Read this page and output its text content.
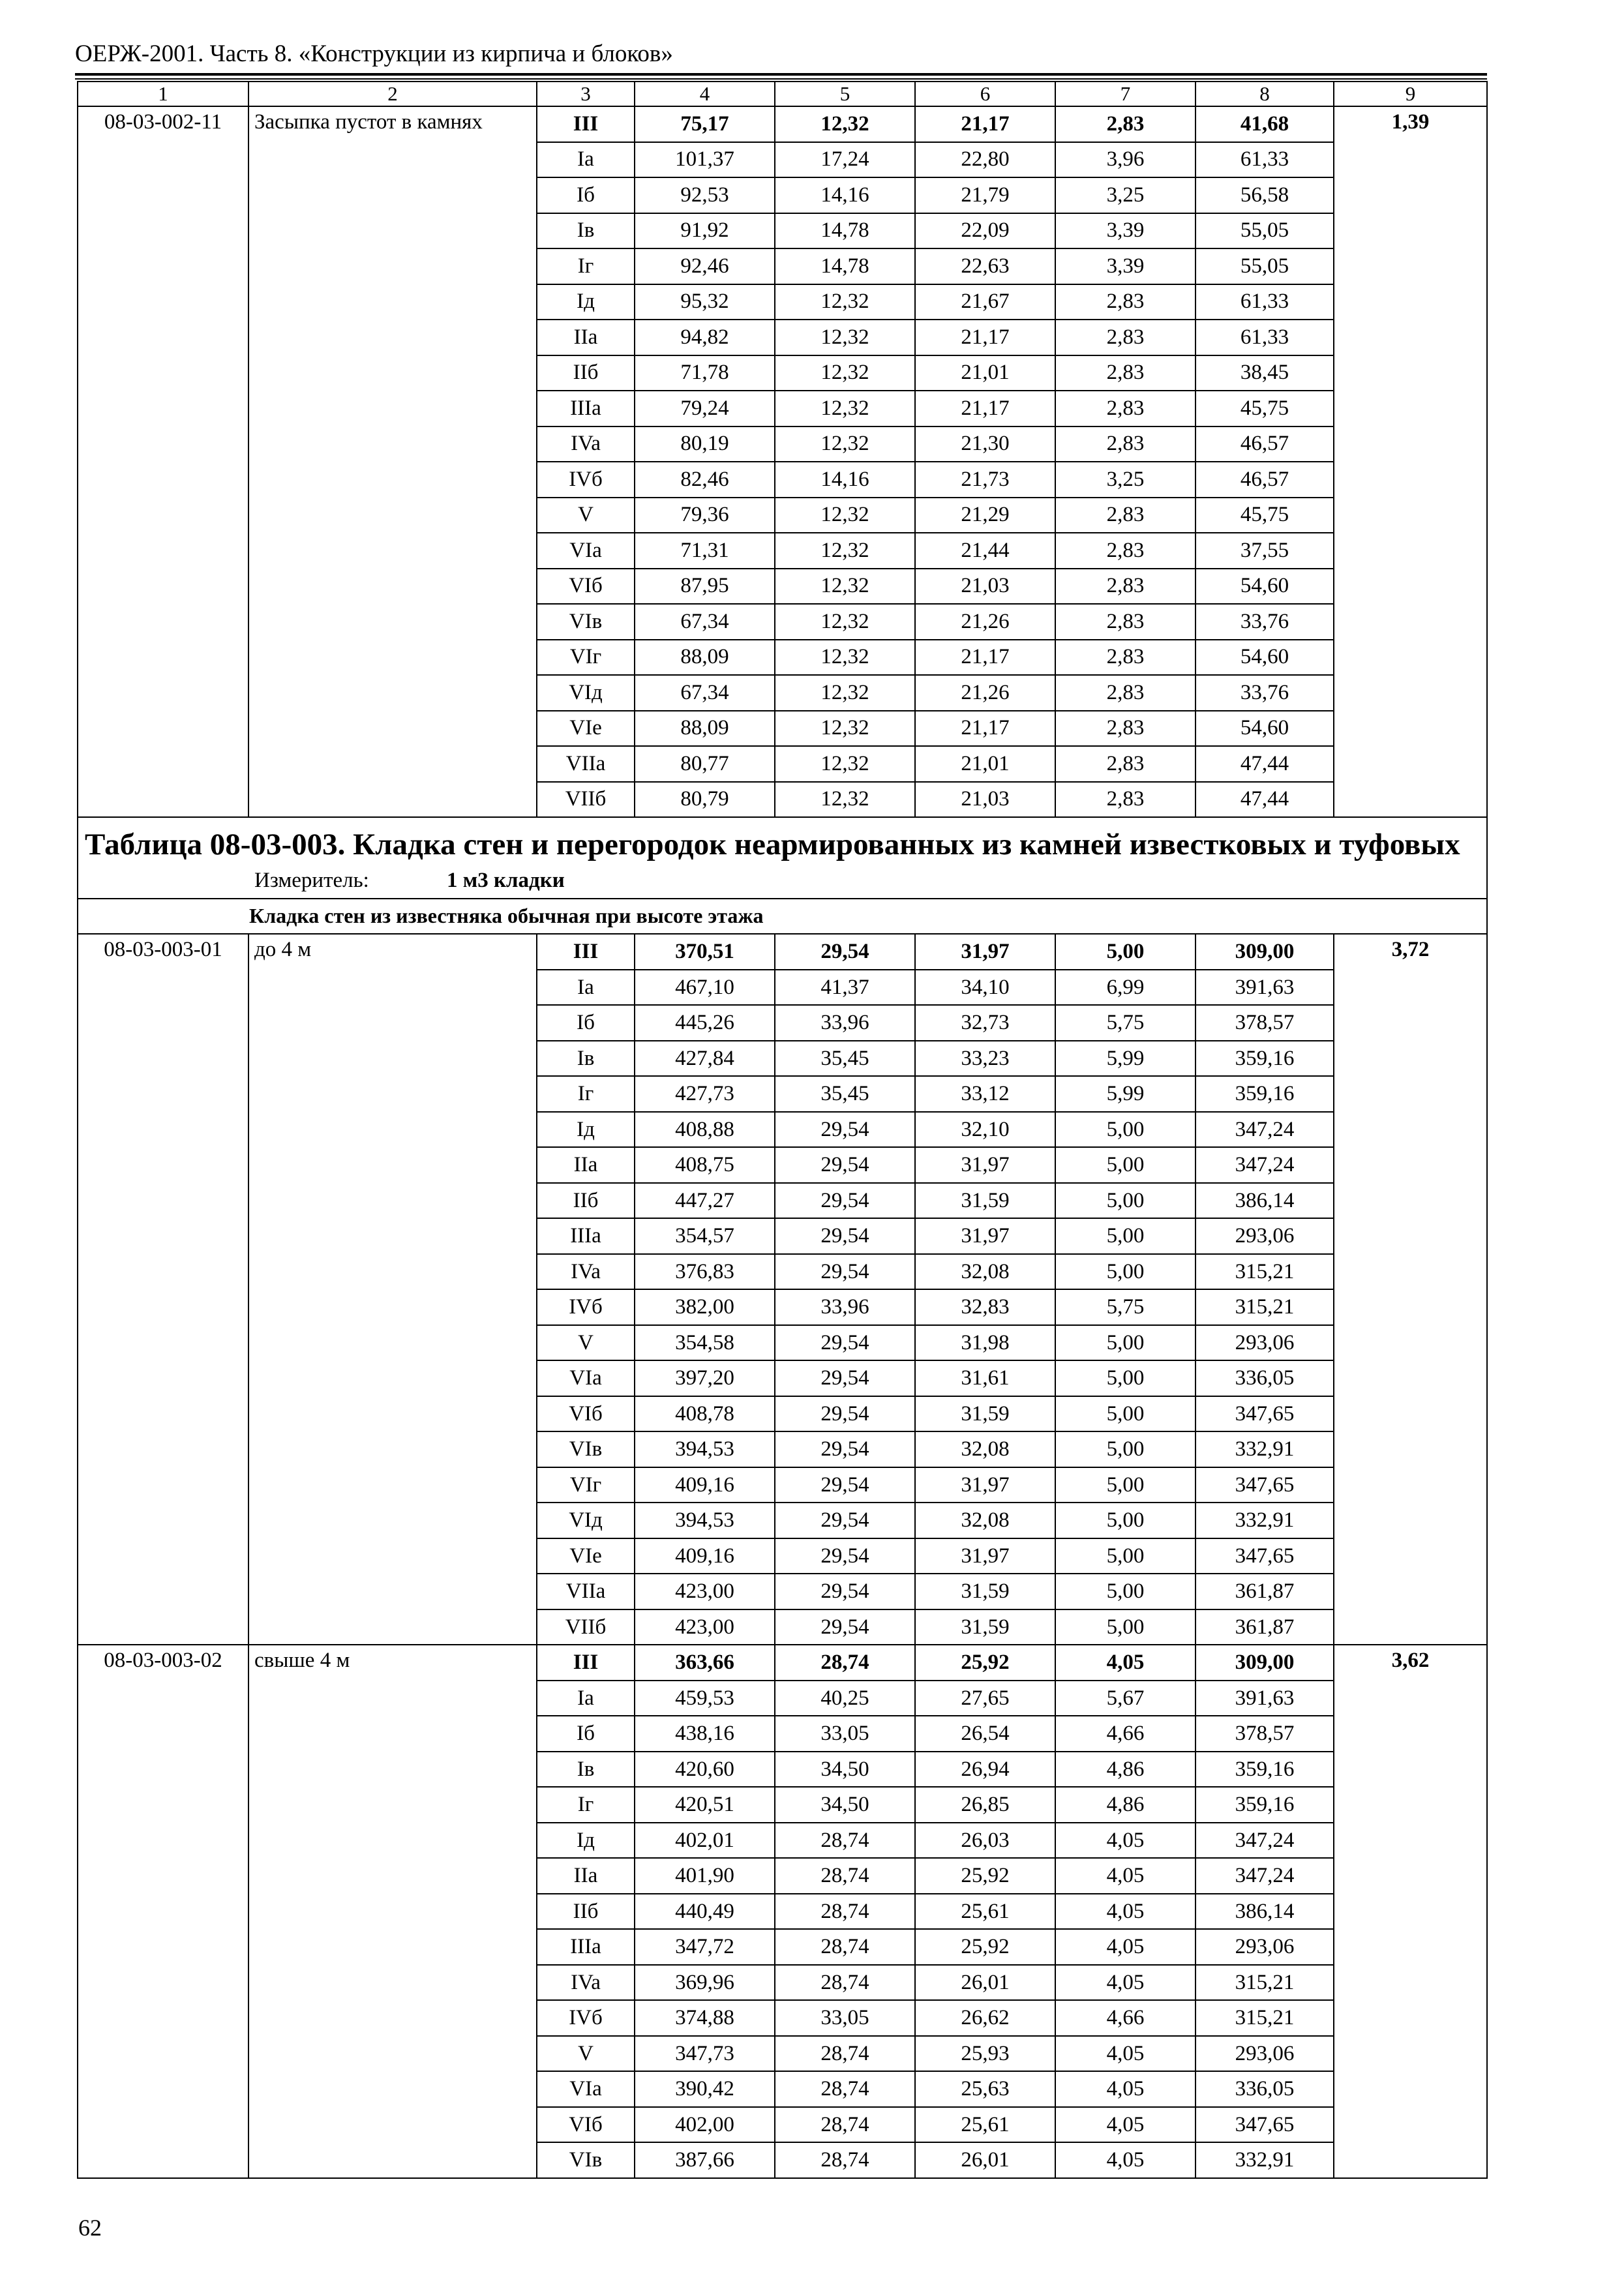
ОЕРЖ-2001. Часть 8. «Конструкции из кирпича и блоков»
1	2	3	4	5	6	7	8	9
08-03-002-11	Засыпка пустот в камнях	III	75,17	12,32	21,17	2,83	41,68	1,39
		Ia	101,37	17,24	22,80	3,96	61,33	
		Iб	92,53	14,16	21,79	3,25	56,58	
		Iв	91,92	14,78	22,09	3,39	55,05	
		Iг	92,46	14,78	22,63	3,39	55,05	
		Iд	95,32	12,32	21,67	2,83	61,33	
		IIa	94,82	12,32	21,17	2,83	61,33	
		IIб	71,78	12,32	21,01	2,83	38,45	
		IIIa	79,24	12,32	21,17	2,83	45,75	
		IVa	80,19	12,32	21,30	2,83	46,57	
		IVб	82,46	14,16	21,73	3,25	46,57	
		V	79,36	12,32	21,29	2,83	45,75	
		VIa	71,31	12,32	21,44	2,83	37,55	
		VIб	87,95	12,32	21,03	2,83	54,60	
		VIв	67,34	12,32	21,26	2,83	33,76	
		VIг	88,09	12,32	21,17	2,83	54,60	
		VIд	67,34	12,32	21,26	2,83	33,76	
		VIe	88,09	12,32	21,17	2,83	54,60	
		VIIa	80,77	12,32	21,01	2,83	47,44	
		VIIб	80,79	12,32	21,03	2,83	47,44	

Таблица 08-03-003. Кладка стен и перегородок неармированных из камней известковых и туфовых
Измеритель: 1 м3 кладки								

Кладка стен из известняка обычная при высоте этажа								

08-03-003-01	до 4 м	III	370,51	29,54	31,97	5,00	309,00	3,72
		Ia	467,10	41,37	34,10	6,99	391,63	
		Iб	445,26	33,96	32,73	5,75	378,57	
		Iв	427,84	35,45	33,23	5,99	359,16	
		Iг	427,73	35,45	33,12	5,99	359,16	
		Iд	408,88	29,54	32,10	5,00	347,24	
		IIa	408,75	29,54	31,97	5,00	347,24	
		IIб	447,27	29,54	31,59	5,00	386,14	
		IIIa	354,57	29,54	31,97	5,00	293,06	
		IVa	376,83	29,54	32,08	5,00	315,21	
		IVб	382,00	33,96	32,83	5,75	315,21	
		V	354,58	29,54	31,98	5,00	293,06	
		VIa	397,20	29,54	31,61	5,00	336,05	
		VIб	408,78	29,54	31,59	5,00	347,65	
		VIв	394,53	29,54	32,08	5,00	332,91	
		VIг	409,16	29,54	31,97	5,00	347,65	
		VIд	394,53	29,54	32,08	5,00	332,91	
		VIe	409,16	29,54	31,97	5,00	347,65	
		VIIa	423,00	29,54	31,59	5,00	361,87	
		VIIб	423,00	29,54	31,59	5,00	361,87	
08-03-003-02	свыше 4 м	III	363,66	28,74	25,92	4,05	309,00	3,62
		Ia	459,53	40,25	27,65	5,67	391,63	
		Iб	438,16	33,05	26,54	4,66	378,57	
		Iв	420,60	34,50	26,94	4,86	359,16	
		Iг	420,51	34,50	26,85	4,86	359,16	
		Iд	402,01	28,74	26,03	4,05	347,24	
		IIa	401,90	28,74	25,92	4,05	347,24	
		IIб	440,49	28,74	25,61	4,05	386,14	
		IIIa	347,72	28,74	25,92	4,05	293,06	
		IVa	369,96	28,74	26,01	4,05	315,21	
		IVб	374,88	33,05	26,62	4,66	315,21	
		V	347,73	28,74	25,93	4,05	293,06	
		VIa	390,42	28,74	25,63	4,05	336,05	
		VIб	402,00	28,74	25,61	4,05	347,65	
		VIв	387,66	28,74	26,01	4,05	332,91	
62
